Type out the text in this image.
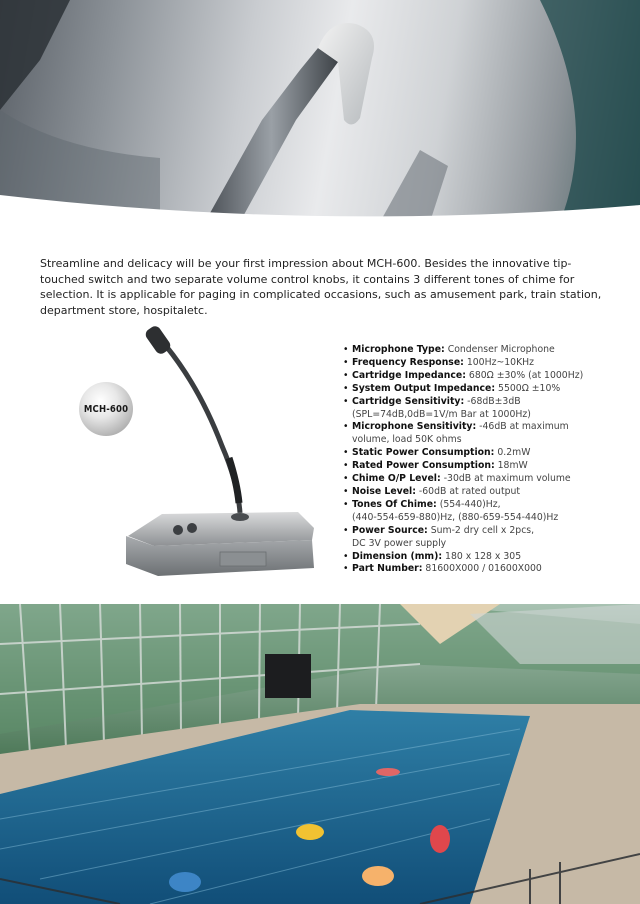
Streamline and delicacy will be your first impression about MCH-600. Besides the innovative tip-touched switch and two separate volume control knobs, it contains 3 different tones of chime for selection. It is applicable for paging in complicated occasions, such as amusement park, train station, department store, hospitaletc.

MCH-600
• Microphone Type: Condenser Microphone
• Frequency Response: 100Hz~10KHz
• Cartridge Impedance: 680Ω ±30% (at 1000Hz)
• System Output Impedance: 5500Ω ±10%
• Cartridge Sensitivity: -68dB±3dB
(SPL=74dB,0dB=1V/m Bar at 1000Hz)
• Microphone Sensitivity: -46dB at maximum
volume, load 50K ohms
• Static Power Consumption: 0.2mW
• Rated Power Consumption: 18mW
• Chime O/P Level: -30dB at maximum volume
• Noise Level: -60dB at rated output
• Tones Of Chime: (554-440)Hz,
(440-554-659-880)Hz, (880-659-554-440)Hz
• Power Source: Sum-2 dry cell x 2pcs,
DC 3V power supply
• Dimension (mm): 180 x 128 x 305
• Part Number: 81600X000 / 01600X000
